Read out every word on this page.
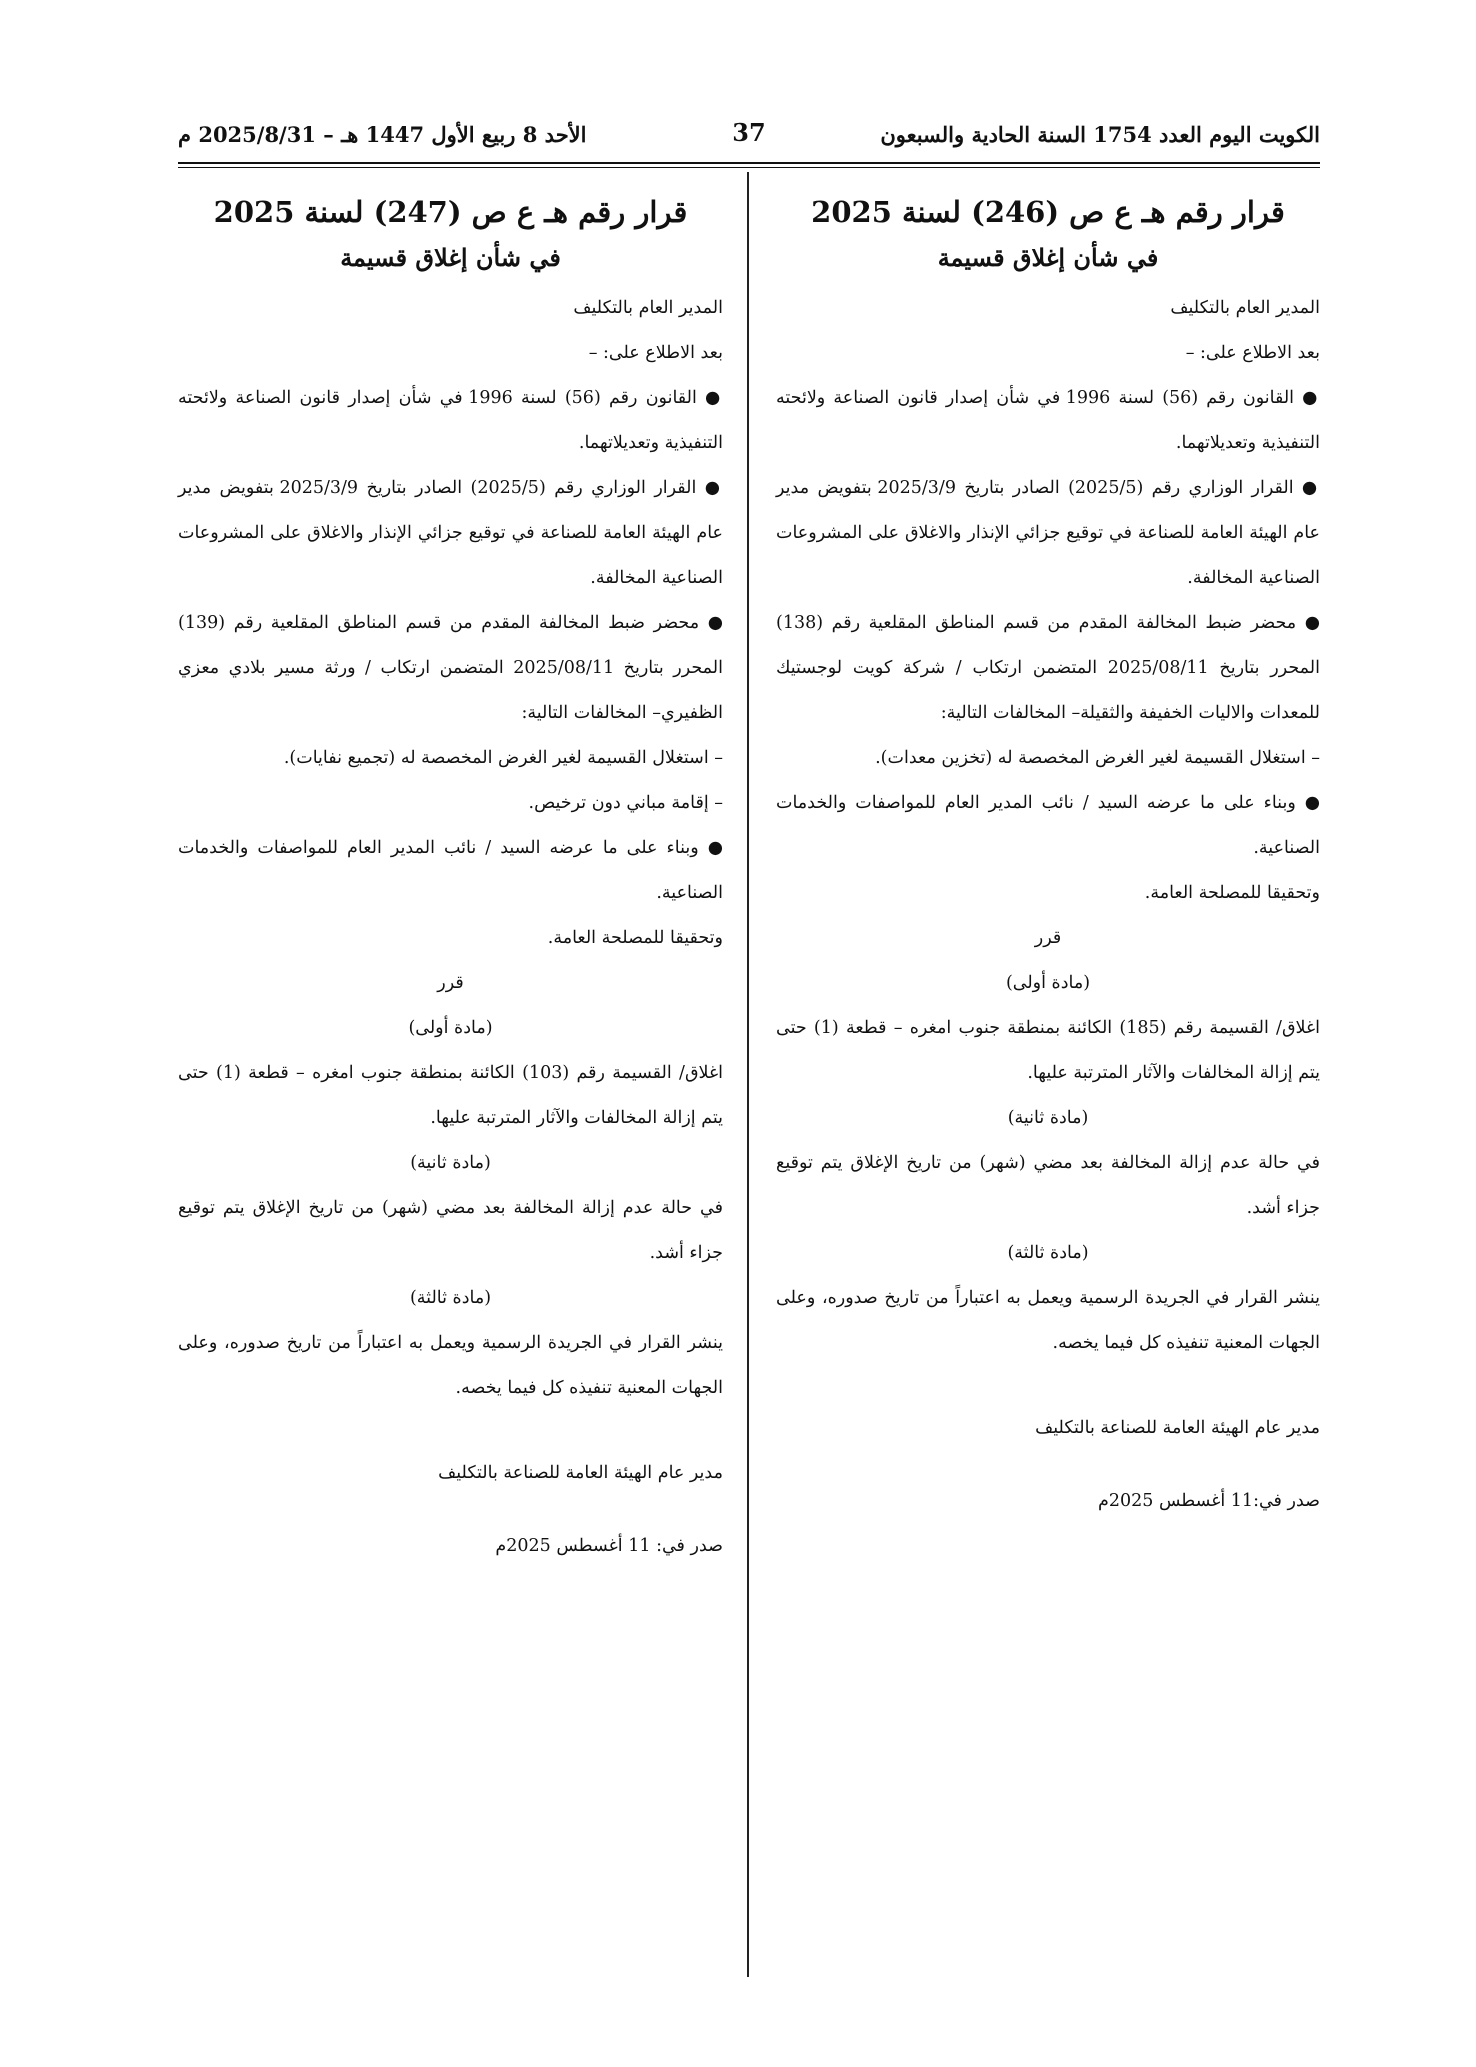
الكويت اليوم العدد 1754 السنة الحادية والسبعون
37
الأحد 8 ربيع الأول 1447 هـ – 2025/8/31 م
قرار رقم هـ ع ص (246) لسنة 2025
في شأن إغلاق قسيمة

المدير العام بالتكليف

بعد الاطلاع على: –

● القانون رقم (56) لسنة 1996 في شأن إصدار قانون الصناعة ولائحته التنفيذية وتعديلاتهما.

● القرار الوزاري رقم (2025/5) الصادر بتاريخ 2025/3/9 بتفويض مدير عام الهيئة العامة للصناعة في توقيع جزائي الإنذار والاغلاق على المشروعات الصناعية المخالفة.

● محضر ضبط المخالفة المقدم من قسم المناطق المقلعية رقم (138) المحرر بتاريخ 2025/08/11 المتضمن ارتكاب / شركة كويت لوجستيك للمعدات والاليات الخفيفة والثقيلة– المخالفات التالية:

– استغلال القسيمة لغير الغرض المخصصة له (تخزين معدات).

● وبناء على ما عرضه السيد / نائب المدير العام للمواصفات والخدمات الصناعية.

وتحقيقا للمصلحة العامة.

قرر

(مادة أولى)

اغلاق/ القسيمة رقم (185) الكائنة بمنطقة جنوب امغره – قطعة (1) حتى يتم إزالة المخالفات والآثار المترتبة عليها.

(مادة ثانية)

في حالة عدم إزالة المخالفة بعد مضي (شهر) من تاريخ الإغلاق يتم توقيع جزاء أشد.

(مادة ثالثة)

ينشر القرار في الجريدة الرسمية ويعمل به اعتباراً من تاريخ صدوره، وعلى الجهات المعنية تنفيذه كل فيما يخصه.

مدير عام الهيئة العامة للصناعة بالتكليف

صدر في:11 أغسطس 2025م

قرار رقم هـ ع ص (247) لسنة 2025
في شأن إغلاق قسيمة

المدير العام بالتكليف

بعد الاطلاع على: –

● القانون رقم (56) لسنة 1996 في شأن إصدار قانون الصناعة ولائحته التنفيذية وتعديلاتهما.

● القرار الوزاري رقم (2025/5) الصادر بتاريخ 2025/3/9 بتفويض مدير عام الهيئة العامة للصناعة في توقيع جزائي الإنذار والاغلاق على المشروعات الصناعية المخالفة.

● محضر ضبط المخالفة المقدم من قسم المناطق المقلعية رقم (139) المحرر بتاريخ 2025/08/11 المتضمن ارتكاب / ورثة مسير بلادي معزي الظفيري– المخالفات التالية:

– استغلال القسيمة لغير الغرض المخصصة له (تجميع نفايات).

– إقامة مباني دون ترخيص.

● وبناء على ما عرضه السيد / نائب المدير العام للمواصفات والخدمات الصناعية.

وتحقيقا للمصلحة العامة.

قرر

(مادة أولى)

اغلاق/ القسيمة رقم (103) الكائنة بمنطقة جنوب امغره – قطعة (1) حتى يتم إزالة المخالفات والآثار المترتبة عليها.

(مادة ثانية)

في حالة عدم إزالة المخالفة بعد مضي (شهر) من تاريخ الإغلاق يتم توقيع جزاء أشد.

(مادة ثالثة)

ينشر القرار في الجريدة الرسمية ويعمل به اعتباراً من تاريخ صدوره، وعلى الجهات المعنية تنفيذه كل فيما يخصه.

مدير عام الهيئة العامة للصناعة بالتكليف

صدر في: 11 أغسطس 2025م
